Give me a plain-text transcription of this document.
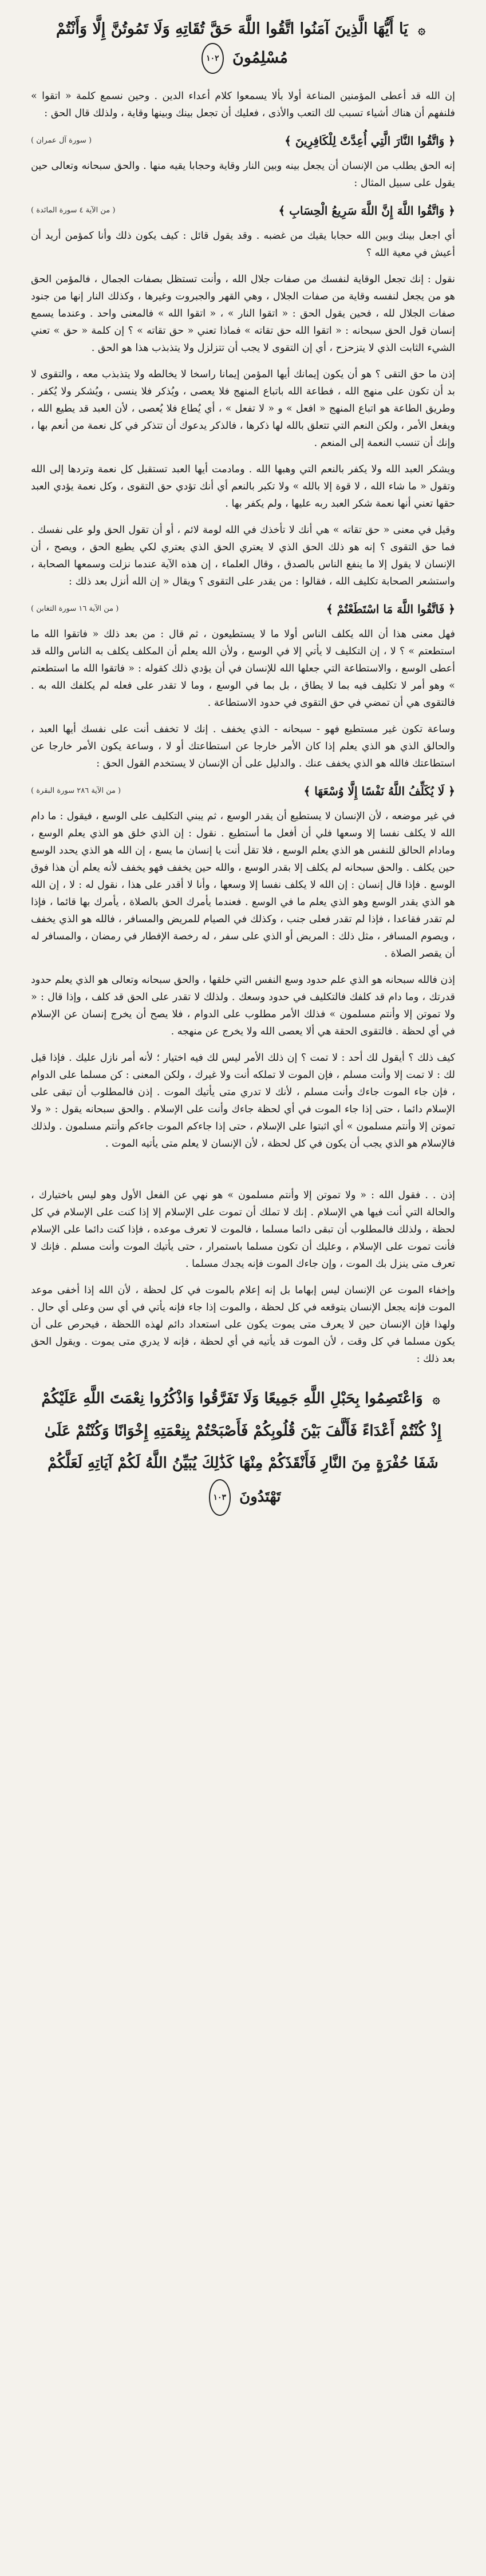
۞ يَا أَيُّهَا الَّذِينَ آمَنُوا اتَّقُوا اللَّهَ حَقَّ تُقَاتِهِ وَلَا تَمُوتُنَّ إِلَّا وَأَنْتُمْ مُسْلِمُونَ ١٠٢

إن الله قد أعطى المؤمنين المناعة أولا بألا يسمعوا كلام أعداء الدين . وحين نسمع كلمة « اتقوا » فلنفهم أن هناك أشياء تسبب لك التعب والأذى ، فعليك أن تجعل بينك وبينها وقاية ، ولذلك قال الحق :

﴿ وَاتَّقُوا النَّارَ الَّتِي أُعِدَّتْ لِلْكَافِرِينَ ﴾
( سورة آل عمران )

إنه الحق يطلب من الإنسان أن يجعل بينه وبين النار وقاية وحجابا يقيه منها . والحق سبحانه وتعالى حين يقول على سبيل المثال :

﴿ وَاتَّقُوا اللَّهَ إِنَّ اللَّهَ سَرِيعُ الْحِسَابِ ﴾
( من الآية ٤ سورة المائدة )

أي اجعل بينك وبين الله حجابا يقيك من غضبه . وقد يقول قائل : كيف يكون ذلك وأنا كمؤمن أريد أن أعيش في معية الله ؟

نقول : إنك تجعل الوقاية لنفسك من صفات جلال الله ، وأنت تستظل بصفات الجمال ، فالمؤمن الحق هو من يجعل لنفسه وقاية من صفات الجلال ، وهي القهر والجبروت وغيرها ، وكذلك النار إنها من جنود صفات الجلال لله ، فحين يقول الحق : « اتقوا النار » ، « اتقوا الله » فالمعنى واحد . وعندما يسمع إنسان قول الحق سبحانه : « اتقوا الله حق تقاته » فماذا تعني « حق تقاته » ؟ إن كلمة « حق » تعني الشيء الثابت الذي لا يتزحزح ، أي إن التقوى لا يجب أن تتزلزل ولا يتذبذب هذا هو الحق .

إذن ما حق التقى ؟ هو أن يكون إيمانك أيها المؤمن إيمانا راسخا لا يخالطه ولا يتذبذب معه ، والتقوى لا بد أن تكون على منهج الله ، فطاعة الله باتباع المنهج فلا يعصى ، ويُذكر فلا ينسى ، ويُشكر ولا يُكفر . وطريق الطاعة هو اتباع المنهج « افعل » و « لا تفعل » ، أي يُطاع فلا يُعصى ، لأن العبد قد يطيع الله ، ويفعل الأمر ، ولكن النعم التي تتعلق بالله لها ذكرها ، فالذكر يدعوك أن تتذكر في كل نعمة من أنعم بها ، وإنك أن تنسب النعمة إلى المنعم .

ويشكر العبد الله ولا يكفر بالنعم التي وهبها الله . ومادمت أيها العبد تستقبل كل نعمة وتردها إلى الله وتقول « ما شاء الله ، لا قوة إلا بالله » ولا تكبر بالنعم أي أنك تؤدي حق التقوى ، وكل نعمة يؤدي العبد حقها تعني أنها نعمة شكر العبد ربه عليها ، ولم يكفر بها .

وقيل في معنى « حق تقاته » هي أنك لا تأخذك في الله لومة لائم ، أو أن تقول الحق ولو على نفسك . فما حق التقوى ؟ إنه هو ذلك الحق الذي لا يعتري الحق الذي يعتري لكي يطيع الحق ، ويصح ، أن الإنسان لا يقول إلا ما ينفع الناس بالصدق ، وقال العلماء ، إن هذه الآية عندما نزلت وسمعها الصحابة ، واستشعر الصحابة تكليف الله ، فقالوا : من يقدر على التقوى ؟ ويقال « إن الله أنزل بعد ذلك :

﴿ فَاتَّقُوا اللَّهَ مَا اسْتَطَعْتُمْ ﴾
( من الآية ١٦ سورة التغابن )

فهل معنى هذا أن الله يكلف الناس أولا ما لا يستطيعون ، ثم قال : من بعد ذلك « فاتقوا الله ما استطعتم » ؟ لا ، إن التكليف لا يأتي إلا في الوسع ، ولأن الله يعلم أن المكلف يكلف به الناس والله قد أعطى الوسع ، والاستطاعة التي جعلها الله للإنسان في أن يؤدي ذلك كقوله : « فاتقوا الله ما استطعتم » وهو أمر لا تكليف فيه بما لا يطاق ، بل بما في الوسع ، وما لا تقدر على فعله لم يكلفك الله به . فالتقوى هي أن تمضي في حق التقوى في حدود الاستطاعة .

وساعة تكون غير مستطيع فهو - سبحانه - الذي يخفف . إنك لا تخفف أنت على نفسك أيها العبد ، والحالق الذي هو الذي يعلم إذا كان الأمر خارجا عن استطاعتك أو لا ، وساعة يكون الأمر خارجا عن استطاعتك فالله هو الذي يخفف عنك . والدليل على أن الإنسان لا يستخدم القول الحق :

﴿ لَا يُكَلِّفُ اللَّهُ نَفْسًا إِلَّا وُسْعَهَا ﴾
( من الآية ٢٨٦ سورة البقرة )

في غير موضعه ، لأن الإنسان لا يستطيع أن يقدر الوسع ، ثم يبني التكليف على الوسع ، فيقول : ما دام الله لا يكلف نفسا إلا وسعها فلي أن أفعل ما أستطيع . نقول : إن الذي خلق هو الذي يعلم الوسع ، ومادام الحالق للنفس هو الذي يعلم الوسع ، فلا تقل أنت يا إنسان ما يسع ، إن الله هو الذي يحدد الوسع حين يكلف . والحق سبحانه لم يكلف إلا بقدر الوسع ، والله حين يخفف فهو يخفف لأنه يعلم أن هذا فوق الوسع . فإذا قال إنسان : إن الله لا يكلف نفسا إلا وسعها ، وأنا لا أقدر على هذا ، نقول له : لا ، إن الله هو الذي يقدر الوسع وهو الذي يعلم ما في الوسع . فعندما يأمرك الحق بالصلاة ، يأمرك بها قائما ، فإذا لم تقدر فقاعدا ، فإذا لم تقدر فعلى جنب ، وكذلك في الصيام للمريض والمسافر ، فالله هو الذي يخفف ، ويصوم المسافر ، مثل ذلك : المريض أو الذي على سفر ، له رخصة الإفطار في رمضان ، والمسافر له أن يقصر الصلاة .

إذن فالله سبحانه هو الذي علم حدود وسع النفس التي خلقها ، والحق سبحانه وتعالى هو الذي يعلم حدود قدرتك ، وما دام قد كلفك فالتكليف في حدود وسعك . ولذلك لا تقدر على الحق قد كلف ، وإذا قال : « ولا تموتن إلا وأنتم مسلمون » فذلك الأمر مطلوب على الدوام ، فلا يصح أن يخرج إنسان عن الإسلام في أي لحظة . فالتقوى الحقة هي ألا يعصى الله ولا يخرج عن منهجه .

كيف ذلك ؟ أيقول لك أحد : لا تمت ؟ إن ذلك الأمر ليس لك فيه اختيار ؛ لأنه أمر نازل عليك . فإذا قيل لك : لا تمت إلا وأنت مسلم ، فإن الموت لا تملكه أنت ولا غيرك ، ولكن المعنى : كن مسلما على الدوام ، فإن جاء الموت جاءك وأنت مسلم ، لأنك لا تدري متى يأتيك الموت . إذن فالمطلوب أن تبقى على الإسلام دائما ، حتى إذا جاء الموت في أي لحظة جاءك وأنت على الإسلام . والحق سبحانه يقول : « ولا تموتن إلا وأنتم مسلمون » أي اثبتوا على الإسلام ، حتى إذا جاءكم الموت جاءكم وأنتم مسلمون . ولذلك فالإسلام هو الذي يجب أن يكون في كل لحظة ، لأن الإنسان لا يعلم متى يأتيه الموت .

إذن . . فقول الله : « ولا تموتن إلا وأنتم مسلمون » هو نهي عن الفعل الأول وهو ليس باختيارك ، والحالة التي أنت فيها هي الإسلام . إنك لا تملك أن تموت على الإسلام إلا إذا كنت على الإسلام في كل لحظة ، ولذلك فالمطلوب أن تبقى دائما مسلما ، فالموت لا تعرف موعده ، فإذا كنت دائما على الإسلام فأنت تموت على الإسلام ، وعليك أن تكون مسلما باستمرار ، حتى يأتيك الموت وأنت مسلم . فإنك لا تعرف متى ينزل بك الموت ، وإن جاءك الموت فإنه يجدك مسلما .

وإخفاء الموت عن الإنسان ليس إبهاما بل إنه إعلام بالموت في كل لحظة ، لأن الله إذا أخفى موعد الموت فإنه يجعل الإنسان يتوقعه في كل لحظة ، والموت إذا جاء فإنه يأتي في أي سن وعلى أي حال . ولهذا فإن الإنسان حين لا يعرف متى يموت يكون على استعداد دائم لهذه اللحظة ، فيحرص على أن يكون مسلما في كل وقت ، لأن الموت قد يأتيه في أي لحظة ، فإنه لا يدري متى يموت . ويقول الحق بعد ذلك :

۞ وَاعْتَصِمُوا بِحَبْلِ اللَّهِ جَمِيعًا وَلَا تَفَرَّقُوا وَاذْكُرُوا نِعْمَتَ اللَّهِ عَلَيْكُمْ إِذْ كُنْتُمْ أَعْدَاءً فَأَلَّفَ بَيْنَ قُلُوبِكُمْ فَأَصْبَحْتُمْ بِنِعْمَتِهِ إِخْوَانًا وَكُنْتُمْ عَلَىٰ شَفَا حُفْرَةٍ مِنَ النَّارِ فَأَنْقَذَكُمْ مِنْهَا كَذَٰلِكَ يُبَيِّنُ اللَّهُ لَكُمْ آيَاتِهِ لَعَلَّكُمْ تَهْتَدُونَ ١٠٣
